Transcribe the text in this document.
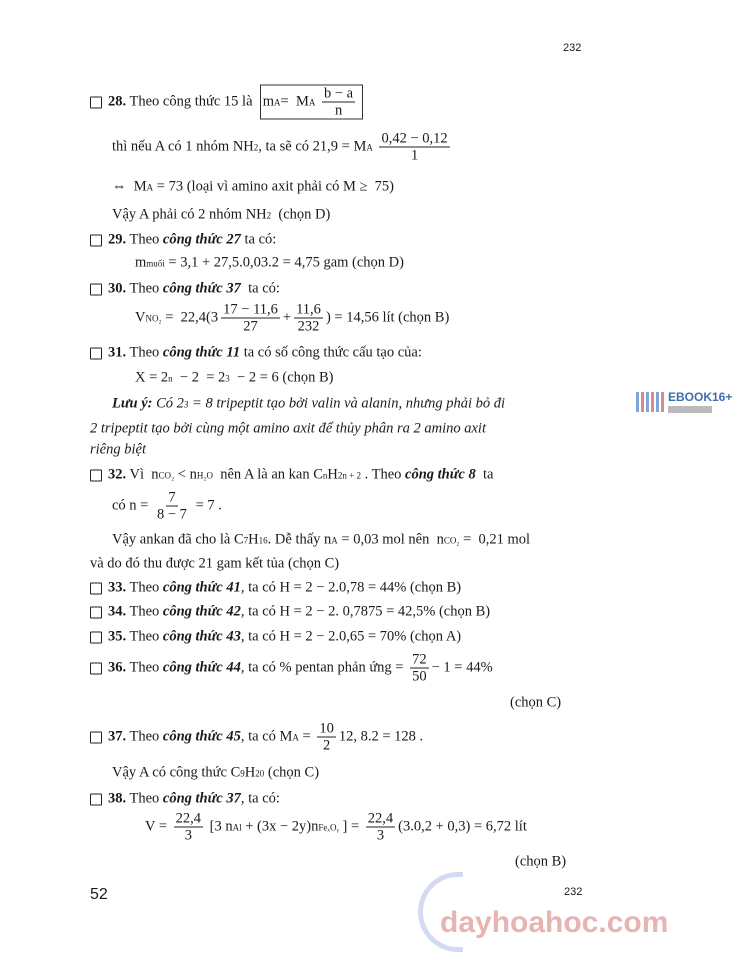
232
28. Theo công thức 15 là m A =  M A
$\frac{b - a}{n}$
thì nếu A có 1 nhóm NH 2 , ta sẽ có 21,9 = M A
$\frac{0,42 - 0,12}{1}$
⇔  M A = 73 (loại vì amino axit phải có M ≥  75)
Vậy A phải có 2 nhóm NH 2 (chọn D)
29. Theo công thức 27 ta có:
m muối = 3,1 + 27,5.0,03.2 = 4,75 gam (chọn D)
30. Theo công thức 37 ta có:
V $NO_2 = 22,4(3 \frac{17 - 11,6}{27} + \frac{11,6}{232}$ ) = 14,56 lít (chọn B)
31. Theo công thức 11 ta có số công thức cấu tạo của:
X = 2 n − 2  = 2 3 − 2 = 6 (chọn B)
Lưu ý: Có 2 3 = 8 tripeptit tạo bởi valin và alanin, nhưng phải bỏ đi
2 tripeptit tạo bởi cùng một amino axit để thủy phân ra 2 amino axit
riêng biệt
32. Vì  n CO₂ < n H₂O nên A là an kan C n H 2n + 2 . Theo công thức 8 ta
có $n = \frac{7}{8 - 7} = 7$ .
Vậy ankan đã cho là C 7 H 16 . Dễ thấy n A = 0,03 mol nên  n CO₂ =  0,21 mol
và do đó thu được 21 gam kết tủa (chọn C)
33. Theo công thức 41 , ta có H = 2 − 2.0,78 = 44% (chọn B)
34. Theo công thức 42 , ta có H = 2 − 2. 0,7875 = 42,5% (chọn B)
35. Theo công thức 43 , ta có H = 2 − 2.0,65 = 70% (chọn A)
36. Theo công thức 44 , ta có % pentan phản ứng = $\frac{72}{50} - 1 = 44\%$
(chọn C)
37. Theo công thức 45 , ta có M $A = \frac{10}{2} 12$, 8.2 = 128 .
Vậy A có công thức C 9 H 20 (chọn C)
38. Theo công thức 37 , ta có:
$V = \frac{22,4}{3} [3$ n Al + (3x − 2y)n FeₓOᵧ ] = $\frac{22,4}{3} (3.0,2 + 0,3) = 6,72$ lít
(chọn B)
EBOOK16+
dayhoahoc.com
52	232
